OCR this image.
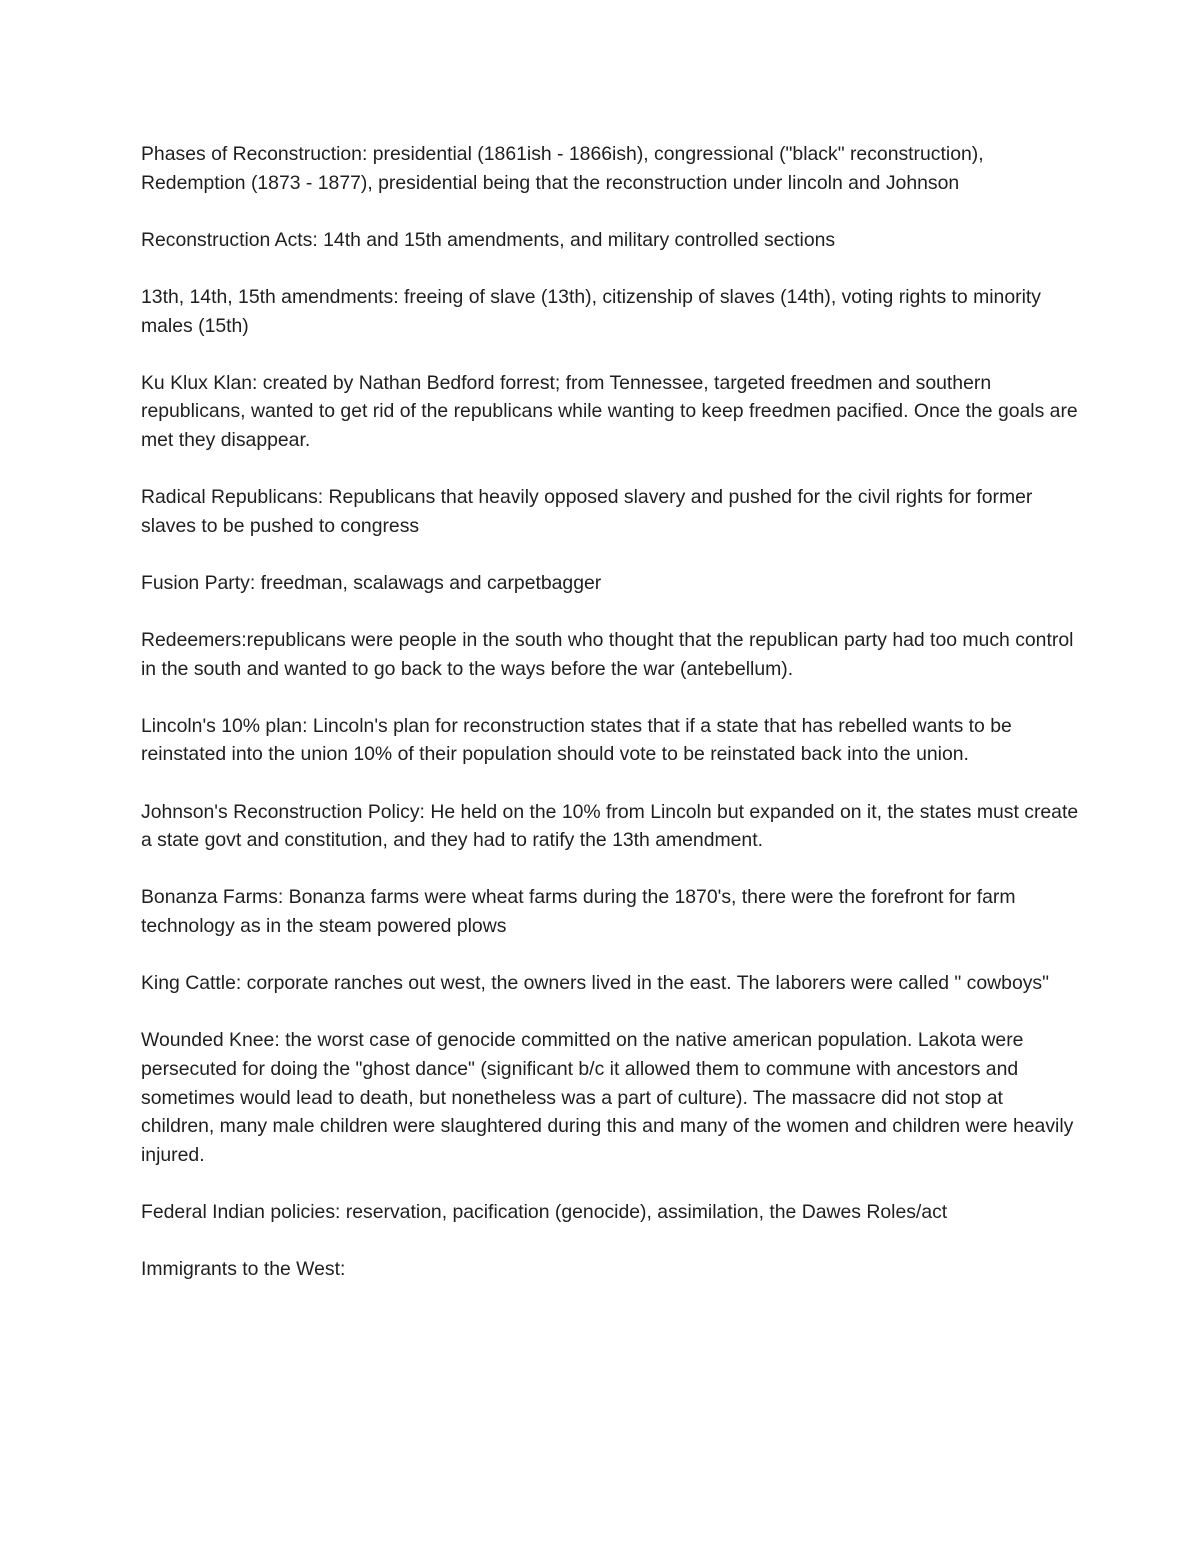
Phases of Reconstruction: presidential (1861ish - 1866ish), congressional ("black" reconstruction), Redemption (1873 - 1877), presidential being that the reconstruction under lincoln and Johnson

Reconstruction Acts: 14th and 15th amendments, and military controlled sections

13th, 14th, 15th amendments: freeing of slave (13th), citizenship of slaves (14th), voting rights to minority males (15th)

Ku Klux Klan: created by Nathan Bedford forrest; from Tennessee, targeted freedmen and southern republicans, wanted to get rid of the republicans while wanting to keep freedmen pacified. Once the goals are met they disappear.

Radical Republicans: Republicans that heavily opposed slavery and pushed for the civil rights for former slaves to be pushed to congress

Fusion Party: freedman, scalawags and carpetbagger

Redeemers:republicans were people in the south who thought that the republican party had too much control in the south and wanted to go back to the ways before the war (antebellum).

Lincoln's 10% plan: Lincoln's plan for reconstruction states that if a state that has rebelled wants to be reinstated into the union 10% of their population should vote to be reinstated back into the union.

Johnson's Reconstruction Policy: He held on the 10% from Lincoln but expanded on it, the states must create a state govt and constitution, and they had to ratify the 13th amendment.

Bonanza Farms: Bonanza farms were wheat farms during the 1870's, there were the forefront for farm technology as in the steam powered plows

King Cattle: corporate ranches out west, the owners lived in the east. The laborers were called " cowboys"

Wounded Knee: the worst case of genocide committed on the native american population. Lakota were persecuted for doing the "ghost dance" (significant b/c it allowed them to commune with ancestors and sometimes would lead to death, but nonetheless was a part of culture). The massacre did not stop at children, many male children were slaughtered during this and many of the women and children were heavily injured.

Federal Indian policies: reservation, pacification (genocide), assimilation, the Dawes Roles/act

Immigrants to the West:
